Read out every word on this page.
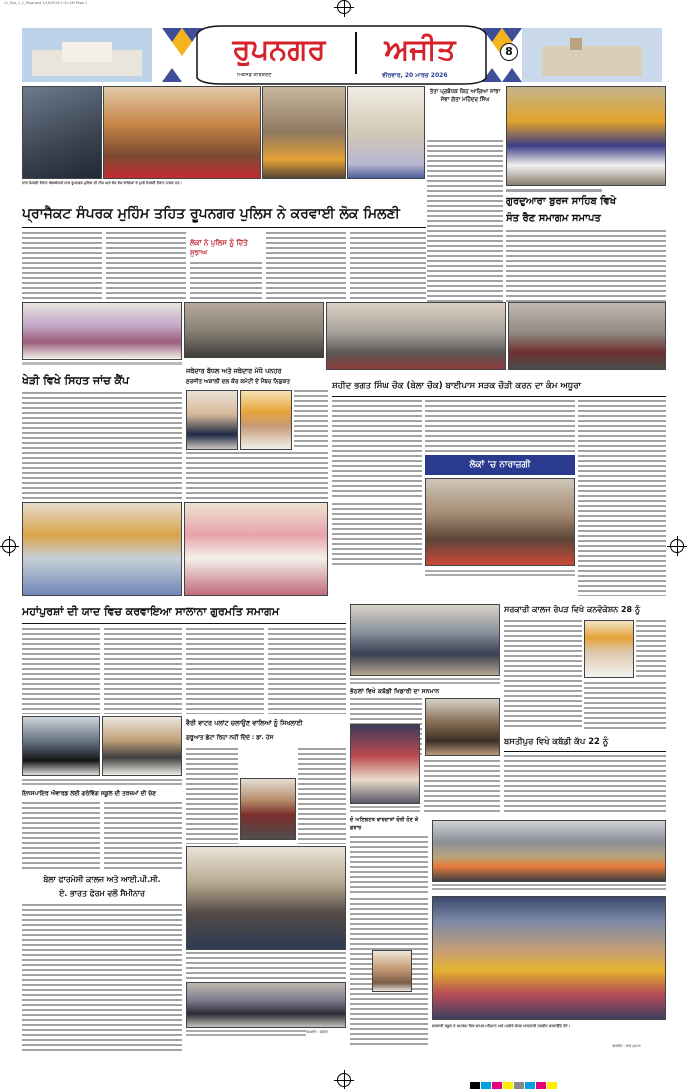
L1_Ruo_1_1_Page.qxd 1/19/2026 1:31 AM Page 1
ਰੂਪਨਗਰ	ਅਜੀਤ
ਮਿਕਸਡ ਕਰਿਕਰਣ	ਵੀਰਵਾਰ, 20 ਮਾਰਚ 2026
8
ਨਾਲ ਮਿਲਣੀ ਦੌਰਾਨ ਐਸਐਸਪੀ ਨਾਲ ਰੂਪਨਗਰ ਪੁਲਿਸ ਦੀ ਟੀਮ ਅਤੇ ਵੱਖ ਵੱਖ ਥਾਣਿਆਂ ਦੇ ਮੁਖੀ ਮਿਲਣੀ ਦੌਰਾਨ ਹਾਜ਼ਰ ਹਨ।
ਤੱਤਾ ਪ੍ਰਬੰਧਕ ਕਿਹ ਆਗਿਆ ਸਾਂਝਾ ਸੇਵਾ ਗੱਤਾ ਮਹਿੰਦਰ ਸਿੰਘ
ਪ੍ਰਾਜੈਕਟ ਸੰਪਰਕ ਮੁਹਿੰਮ ਤਹਿਤ ਰੂਪਨਗਰ ਪੁਲਿਸ ਨੇ ਕਰਵਾਈ ਲੋਕ ਮਿਲਣੀ
ਲੋਕਾਂ ਨੇ ਪੁਲਿਸ ਨੂੰ ਦਿੱਤੇ ਸੁਝਾਅ
ਗੁਰਦੁਆਰਾ ਬੁਰਜ ਸਾਹਿਬ ਵਿਖੇ
ਸੰਤ ਰੈਣ ਸਮਾਗਮ ਸਮਾਪਤ
ਖੇੜੀ ਵਿਖੇ ਸਿਹਤ ਜਾਂਚ ਕੈਂਪ
ਜਥੇਦਾਰ ਬੱਧਲ ਅਤੇ ਜਥੇਦਾਰ ਮੱਧੋ ਪਨਹਰ
ਸੁਰਜੀਤ ਅਕਾਲੀ ਦਲ ਕੋਰ ਕਮੇਟੀ ਦੇ ਮੈਂਬਰ ਨਿਯੁਕਤ	ਸ਼ਹੀਦ ਭਗਤ ਸਿੰਘ ਚੌਕ (ਬੇਲਾ ਚੌਕ) ਬਾਈਪਾਸ ਸੜਕ ਚੌੜੀ ਕਰਨ ਦਾ ਕੰਮ ਅਧੂਰਾ
ਲੋਕਾਂ 'ਚ ਨਾਰਾਜ਼ਗੀ
ਮਹਾਂਪੁਰਸ਼ਾਂ ਦੀ ਯਾਦ ਵਿਚ ਕਰਵਾਇਆ ਸਾਲਾਨਾ ਗੁਰਮਤਿ ਸਮਾਗਮ
ਭੱਠਲਾਂ ਵਿਖੇ ਕਬੱਡੀ ਖਿਡਾਰੀ ਦਾ ਸਨਮਾਨ
ਸਰਕਾਰੀ ਕਾਲਜ ਰੋਪੜ ਵਿਖੇ ਕਨਵੋਕੇਸ਼ਨ 28 ਨੂੰ
ਬਸਤੀਪੁਰ ਵਿਖੇ ਕਬੱਡੀ ਕੱਪ 22 ਨੂੰ
ਇਨਸਪਾਇਰ ਐਵਾਰਡ ਲਈ ਗਰੋਵਿੰਗ ਸਕੂਲ ਦੀ ਤਰਜ਼ਮਾਂ ਦੀ ਚੋਣ
ਬੇਲਾ ਫਾਰਮੇਸੀ ਕਾਲਜ ਅਤੇ ਆਈ.ਪੀ.ਸੀ.
ਏ. ਭਾਰਤ ਫੋਰਮ ਵਲੋਂ ਸੈਮੀਨਾਰ
ਵੈਰੀ ਵਾਟਰ ਪਲਾਂਟ ਚਲਾਉਣ ਵਾਲਿਆਂ ਨੂੰ ਸਿਖਲਾਈ
ਸ਼ੁਰੂਆਤ ਛੋਟਾ ਰਿਹਾ ਨਹੀਂ ਦਿੰਦੇ : ਡਾ. ਹੰਸ
ਤਸਵੀਰ : ਸੰਜੀਵ
ਦੋ ਅਣਿਗਣਤ ਵਾਰਦਾਤਾਂ ਚੋਰੀ ਹੋਣ ਕੇ ਫ਼ਰਾਰ
ਸਰਕਾਰੀ ਸਕੂਲ ਦੇ ਸਮਾਗਮ ਵਿਚ ਸ਼ਾਮਲ ਮਹਿਮਾਨ ਅਤੇ ਪਤਵੰਤੇ ਸੱਜਣ ਯਾਦਗਾਰੀ ਤਸਵੀਰ ਕਰਵਾਉਂਦੇ ਹੋਏ।
ਤਸਵੀਰ : ਰਾਜ ਕੁਮਾਰ
